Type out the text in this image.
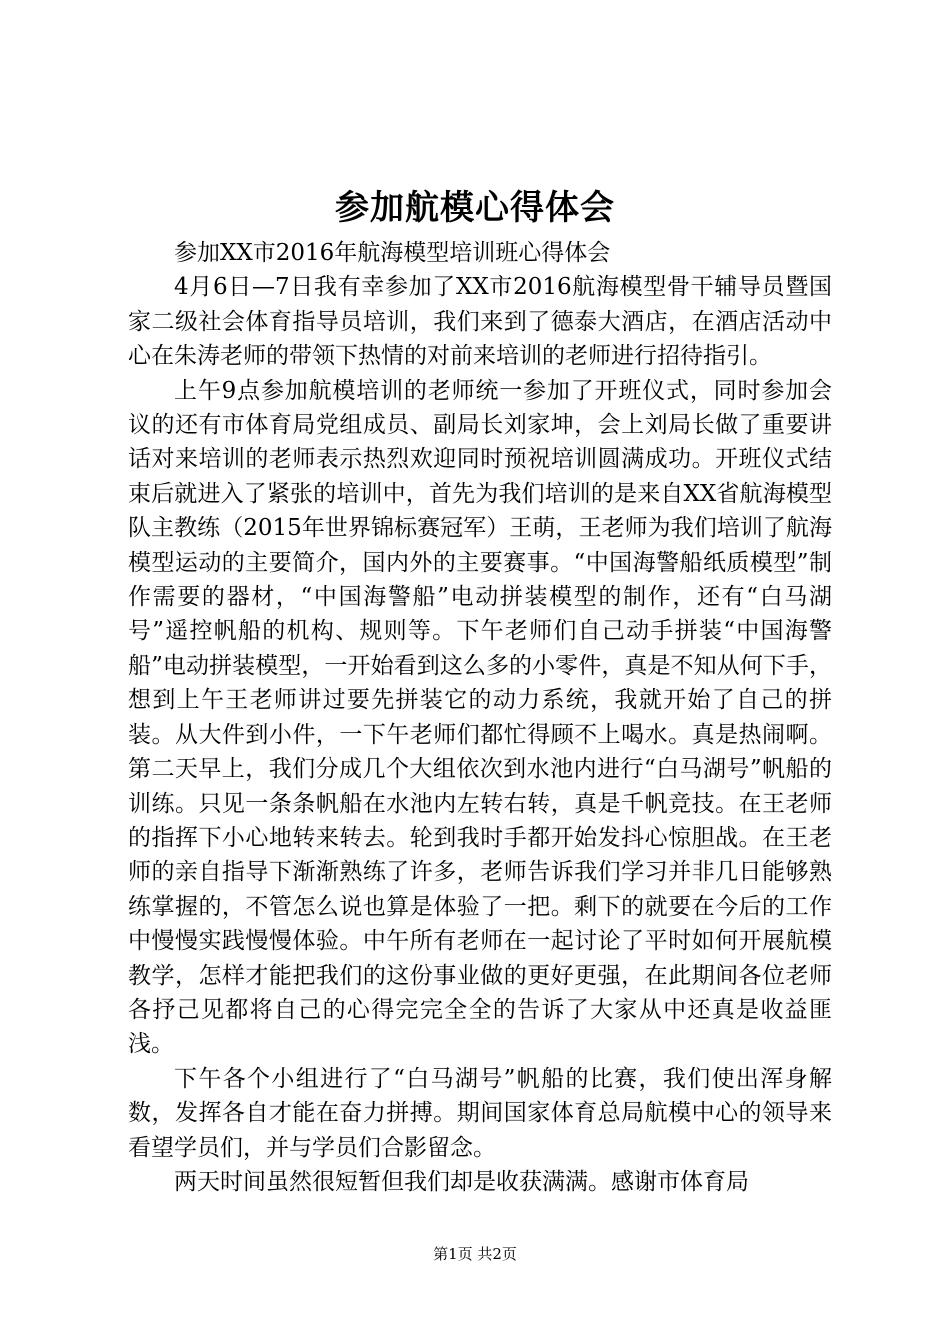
参加航模心得体会

参加XX市2016年航海模型培训班心得体会

4月6日—7日我有幸参加了XX市2016航海模型骨干辅导员暨国家二级社会体育指导员培训，我们来到了德泰大酒店，在酒店活动中心在朱涛老师的带领下热情的对前来培训的老师进行招待指引。

上午9点参加航模培训的老师统一参加了开班仪式，同时参加会议的还有市体育局党组成员、副局长刘家坤，会上刘局长做了重要讲话对来培训的老师表示热烈欢迎同时预祝培训圆满成功。开班仪式结束后就进入了紧张的培训中，首先为我们培训的是来自XX省航海模型队主教练（2015年世界锦标赛冠军）王萌，王老师为我们培训了航海模型运动的主要简介，国内外的主要赛事。“中国海警船纸质模型”制作需要的器材，“中国海警船”电动拼装模型的制作，还有“白马湖号”遥控帆船的机构、规则等。下午老师们自己动手拼装“中国海警船”电动拼装模型，一开始看到这么多的小零件，真是不知从何下手，想到上午王老师讲过要先拼装它的动力系统，我就开始了自己的拼装。从大件到小件，一下午老师们都忙得顾不上喝水。真是热闹啊。第二天早上，我们分成几个大组依次到水池内进行“白马湖号”帆船的训练。只见一条条帆船在水池内左转右转，真是千帆竞技。在王老师的指挥下小心地转来转去。轮到我时手都开始发抖心惊胆战。在王老师的亲自指导下渐渐熟练了许多，老师告诉我们学习并非几日能够熟练掌握的，不管怎么说也算是体验了一把。剩下的就要在今后的工作中慢慢实践慢慢体验。中午所有老师在一起讨论了平时如何开展航模教学，怎样才能把我们的这份事业做的更好更强，在此期间各位老师各抒己见都将自己的心得完完全全的告诉了大家从中还真是收益匪浅。

下午各个小组进行了“白马湖号”帆船的比赛，我们使出浑身解数，发挥各自才能在奋力拼搏。期间国家体育总局航模中心的领导来看望学员们，并与学员们合影留念。

两天时间虽然很短暂但我们却是收获满满。感谢市体育局

第1页 共2页
